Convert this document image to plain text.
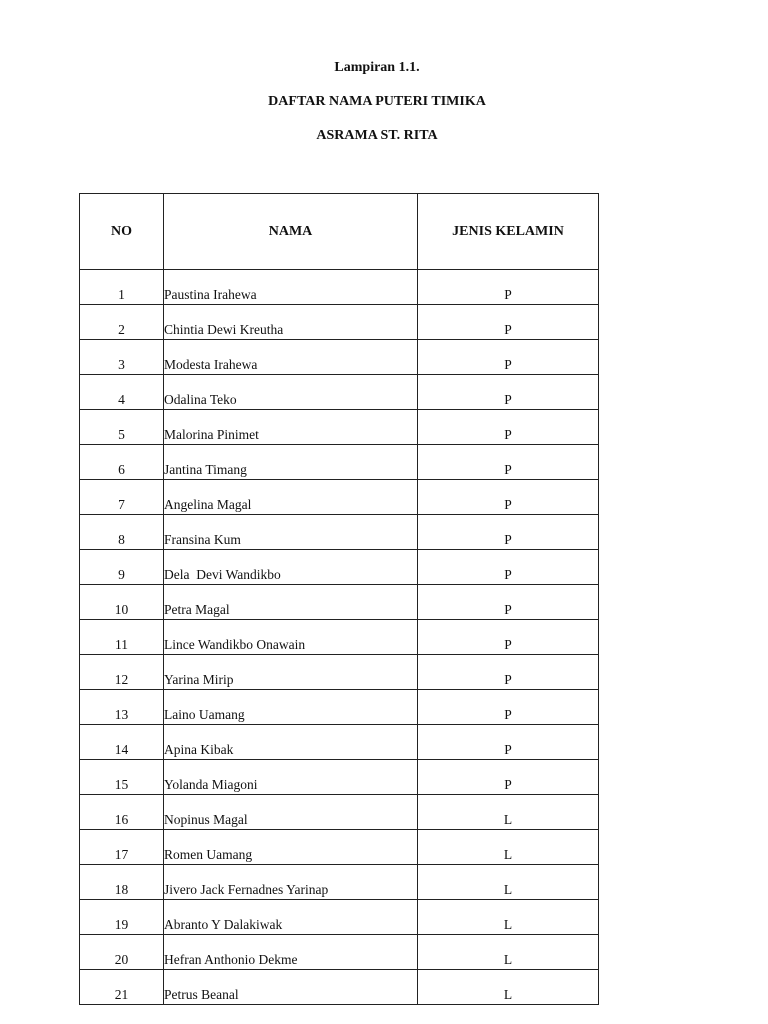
Lampiran 1.1.
DAFTAR NAMA PUTERI TIMIKA
ASRAMA ST. RITA
NO	NAMA	JENIS KELAMIN
1	Paustina Irahewa	P
2	Chintia Dewi Kreutha	P
3	Modesta Irahewa	P
4	Odalina Teko	P
5	Malorina Pinimet	P
6	Jantina Timang	P
7	Angelina Magal	P
8	Fransina Kum	P
9	Dela  Devi Wandikbo	P
10	Petra Magal	P
11	Lince Wandikbo Onawain	P
12	Yarina Mirip	P
13	Laino Uamang	P
14	Apina Kibak	P
15	Yolanda Miagoni	P
16	Nopinus Magal	L
17	Romen Uamang	L
18	Jivero Jack Fernadnes Yarinap	L
19	Abranto Y Dalakiwak	L
20	Hefran Anthonio Dekme	L
21	Petrus Beanal	L
